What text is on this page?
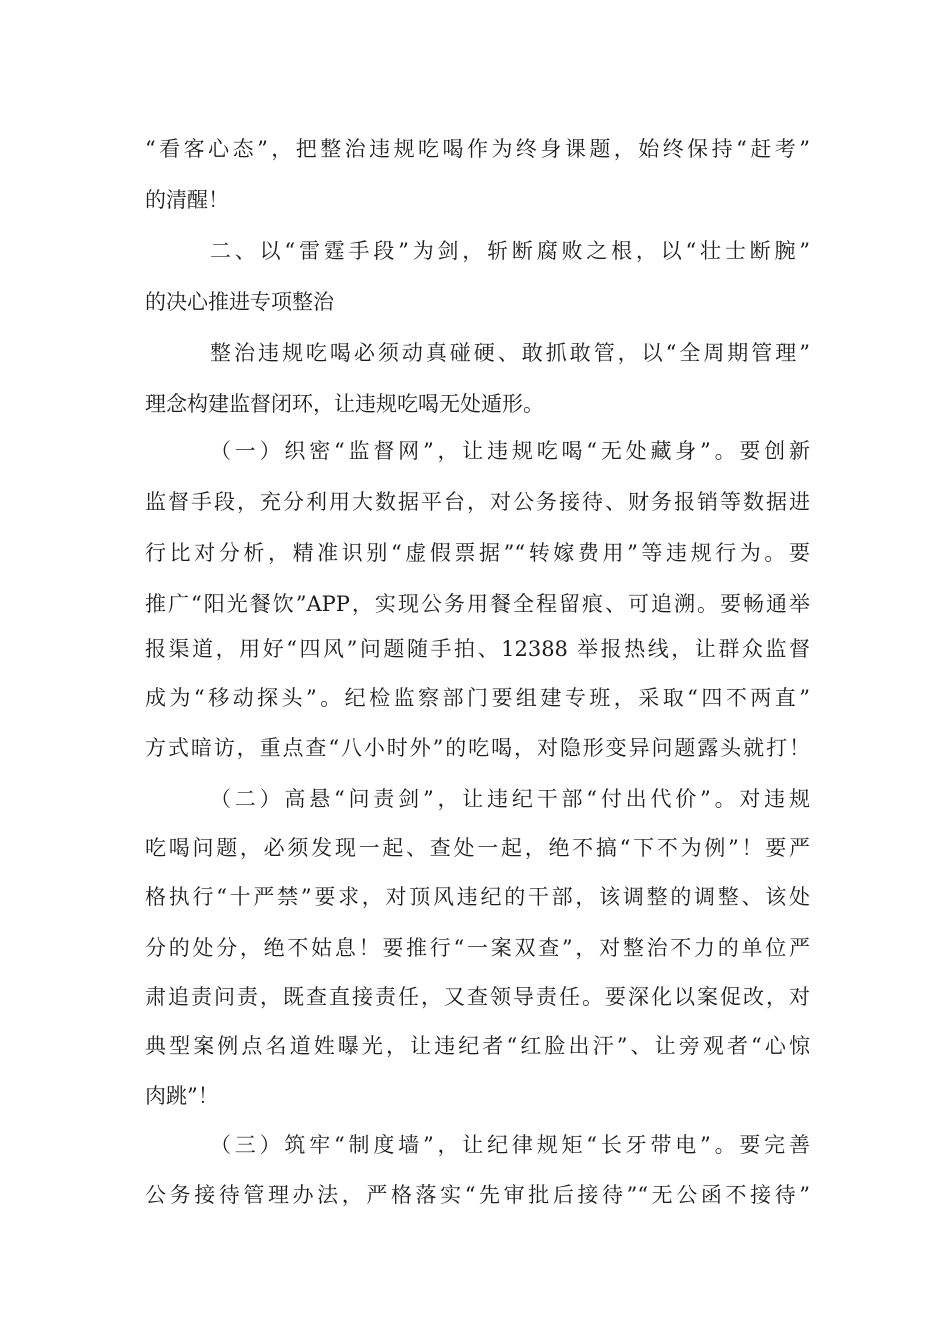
“看客心态”，把整治违规吃喝作为终身课题，始终保持“赶考”

的清醒！

二、以“雷霆手段”为剑，斩断腐败之根，以“壮士断腕”

的决心推进专项整治

整治违规吃喝必须动真碰硬、敢抓敢管，以“全周期管理”

理念构建监督闭环，让违规吃喝无处遁形。

（一）织密“监督网”，让违规吃喝“无处藏身”。要创新

监督手段，充分利用大数据平台，对公务接待、财务报销等数据进

行比对分析，精准识别“虚假票据”“转嫁费用”等违规行为。要

推广“阳光餐饮”APP，实现公务用餐全程留痕、可追溯。要畅通举

报渠道，用好“四风”问题随手拍、12388 举报热线，让群众监督

成为“移动探头”。纪检监察部门要组建专班，采取“四不两直”

方式暗访，重点查“八小时外”的吃喝，对隐形变异问题露头就打！

（二）高悬“问责剑”，让违纪干部“付出代价”。对违规

吃喝问题，必须发现一起、查处一起，绝不搞“下不为例”！要严

格执行“十严禁”要求，对顶风违纪的干部，该调整的调整、该处

分的处分，绝不姑息！要推行“一案双查”，对整治不力的单位严

肃追责问责，既查直接责任，又查领导责任。要深化以案促改，对

典型案例点名道姓曝光，让违纪者“红脸出汗”、让旁观者“心惊

肉跳”！

（三）筑牢“制度墙”，让纪律规矩“长牙带电”。要完善

公务接待管理办法，严格落实“先审批后接待”“无公函不接待”
